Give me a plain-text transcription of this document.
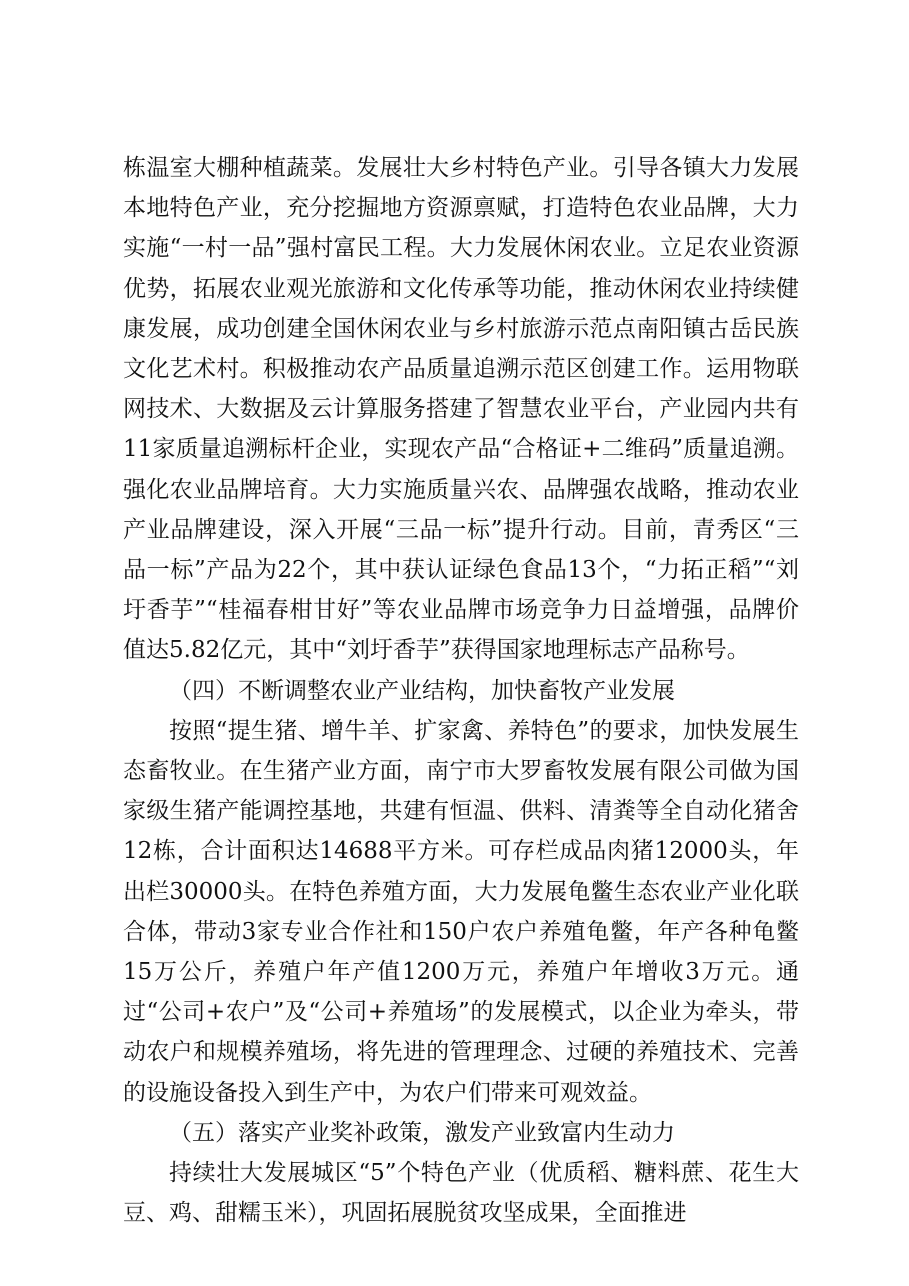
栋温室大棚种植蔬菜。发展壮大乡村特色产业。引导各镇大力发展本地特色产业，充分挖掘地方资源禀赋，打造特色农业品牌，大力实施“一村一品”强村富民工程。大力发展休闲农业。立足农业资源优势，拓展农业观光旅游和文化传承等功能，推动休闲农业持续健康发展，成功创建全国休闲农业与乡村旅游示范点南阳镇古岳民族文化艺术村。积极推动农产品质量追溯示范区创建工作。运用物联网技术、大数据及云计算服务搭建了智慧农业平台，产业园内共有11家质量追溯标杆企业，实现农产品“合格证+二维码”质量追溯。强化农业品牌培育。大力实施质量兴农、品牌强农战略，推动农业产业品牌建设，深入开展“三品一标”提升行动。目前，青秀区“三品一标”产品为22个，其中获认证绿色食品13个，“力拓正稻”“刘圩香芋”“桂福春柑甘好”等农业品牌市场竞争力日益增强，品牌价值达5.82亿元，其中“刘圩香芋”获得国家地理标志产品称号。

（四）不断调整农业产业结构，加快畜牧产业发展

按照“提生猪、增牛羊、扩家禽、养特色”的要求，加快发展生态畜牧业。在生猪产业方面，南宁市大罗畜牧发展有限公司做为国家级生猪产能调控基地，共建有恒温、供料、清粪等全自动化猪舍12栋，合计面积达14688平方米。可存栏成品肉猪12000头，年出栏30000头。在特色养殖方面，大力发展龟鳖生态农业产业化联合体，带动3家专业合作社和150户农户养殖龟鳖，年产各种龟鳖15万公斤，养殖户年产值1200万元，养殖户年增收3万元。通过“公司+农户”及“公司+养殖场”的发展模式，以企业为牵头，带动农户和规模养殖场，将先进的管理理念、过硬的养殖技术、完善的设施设备投入到生产中，为农户们带来可观效益。

（五）落实产业奖补政策，激发产业致富内生动力

持续壮大发展城区“5”个特色产业（优质稻、糖料蔗、花生大豆、鸡、甜糯玉米），巩固拓展脱贫攻坚成果，全面推进
